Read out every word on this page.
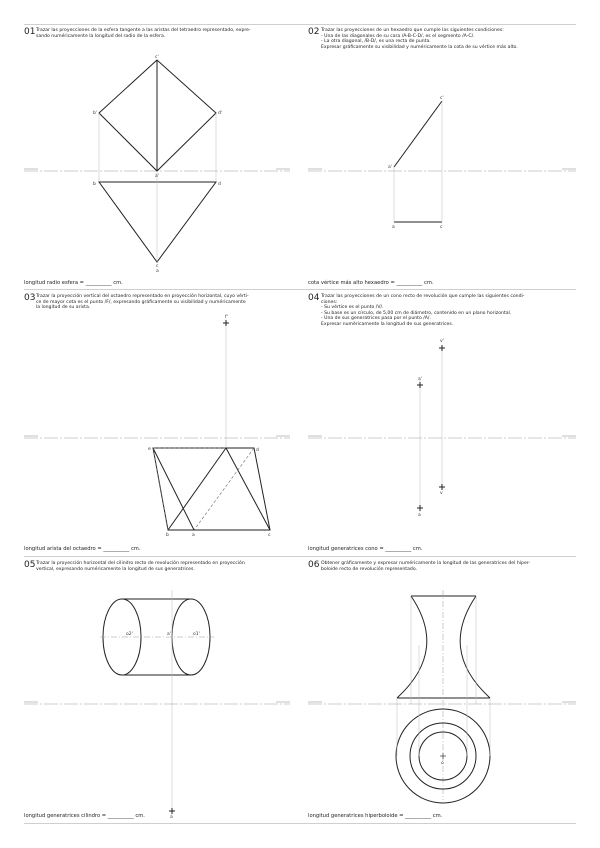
01 Trazar las proyecciones de la esfera tangente a las aristas del tetraedro representado, expre-
sando numéricamente la longitud del radio de la esfera.
longitud radio esfera = __________ cm.
02 Trazar las proyecciones de un hexaedro que cumple las siguientes condiciones:
- Una de las diagonales de su cara /A-B-C-D/, es el segmento /A-C/.
- La otra diagonal, /B-D/, es una recta de punta.
Expresar gráficamente su visibilidad y numéricamente la cota de su vértice más alto.
cota vértice más alto hexaedro = __________ cm.
03 Trazar la proyección vertical del octaedro representado en proyección horizontal, cuyo vérti-
ce de mayor cota es el punto /F/, expresando gráficamente su visibilidad y numéricamente
la longitud de su arista.
longitud arista del octaedro = __________ cm.
04 Trazar las proyecciones de un cono recto de revolución que cumple las siguientes condi-
ciones:
- Su vértice es el punto /V/.
- Su base es un círculo, de 5,00 cm de diámetro, contenido en un plano horizontal.
- Una de sus generatrices pasa por el punto /A/.
Expresar numéricamente la longitud de sus generatrices.
longitud generatrices cono = __________ cm.
05 Trazar la proyección horizontal del cilindro recto de revolución representado en proyección
vertical, expresando numéricamente la longitud de sus generatrices.
longitud generatrices cilindro = __________ cm.
06 Obtener gráficamente y expresar numéricamente la longitud de las generatrices del hiper-
boloide recto de revolución representado.
longitud generatrices hiperboloide = __________ cm.
c'
b'	d'
a'
b	d
c
a
c'
a'
a	c
f'
e	d
b	a	c
v'
a'
v
a
o2'	o1'
a'
a
o
